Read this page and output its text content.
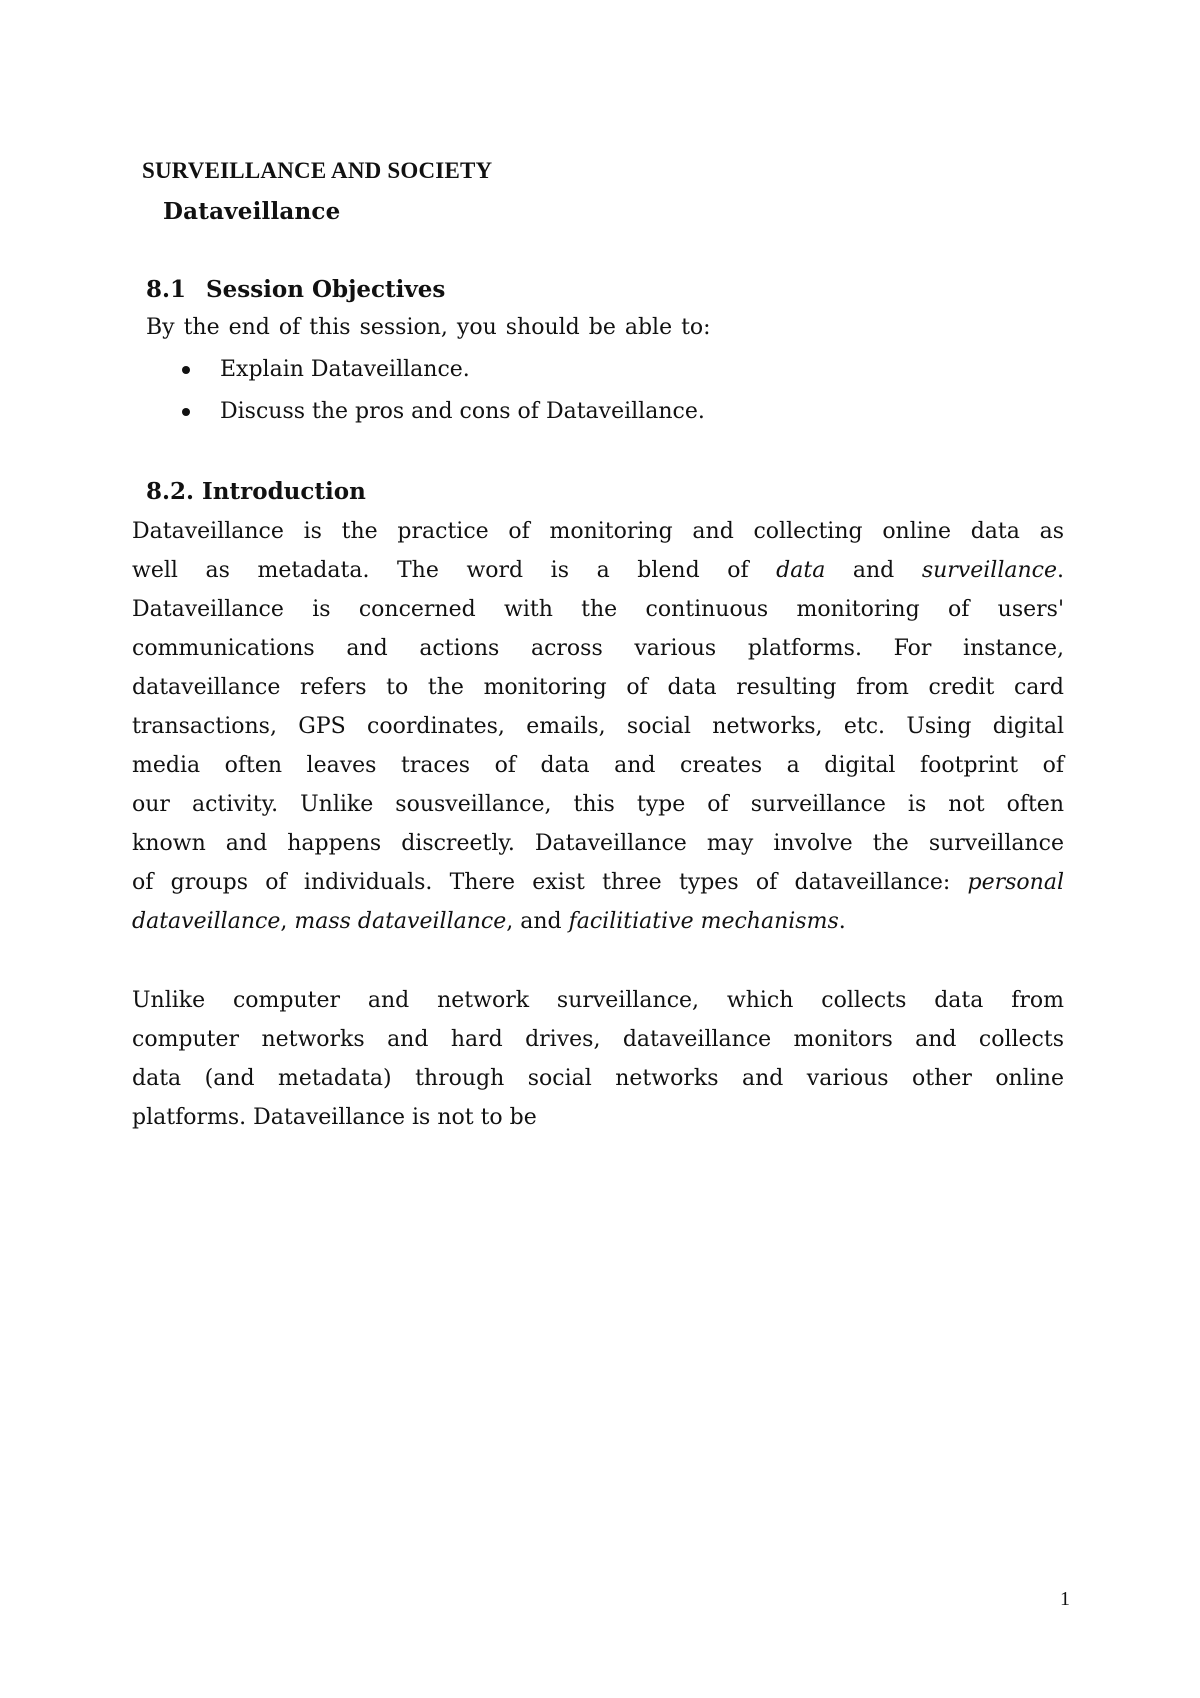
SURVEILLANCE AND SOCIETY
Dataveillance
8.1 Session Objectives
By the end of this session, you should be able to:
Explain Dataveillance.
Discuss the pros and cons of Dataveillance.
8.2. Introduction
Dataveillance is the practice of monitoring and collecting online data as
well as metadata. The word is a blend of data and surveillance.
Dataveillance is concerned with the continuous monitoring of users'
communications and actions across various platforms. For instance,
dataveillance refers to the monitoring of data resulting from credit card
transactions, GPS coordinates, emails, social networks, etc. Using digital
media often leaves traces of data and creates a digital footprint of
our activity. Unlike sousveillance, this type of surveillance is not often
known and happens discreetly. Dataveillance may involve the surveillance
of groups of individuals. There exist three types of dataveillance: personal
dataveillance, mass dataveillance, and facilitiative mechanisms.
Unlike computer and network surveillance, which collects data from
computer networks and hard drives, dataveillance monitors and collects
data (and metadata) through social networks and various other online
platforms. Dataveillance is not to be
1
